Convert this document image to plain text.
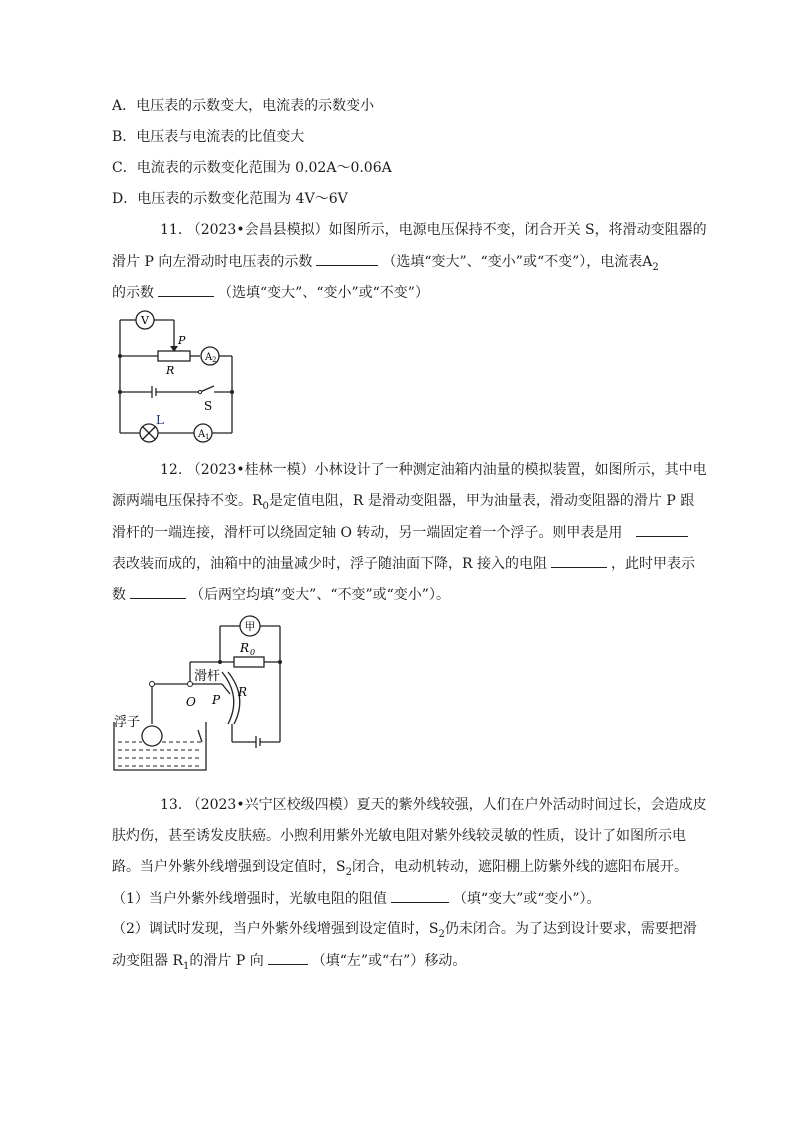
A．电压表的示数变大，电流表的示数变小
B．电压表与电流表的比值变大
C．电流表的示数变化范围为 0.02A～0.06A
D．电压表的示数变化范围为 4V～6V
11. （2023•会昌县模拟）如图所示，电源电压保持不变，闭合开关 S，将滑动变阻器的
滑片 P 向左滑动时电压表的示数	（选填“变大”、“变小”或“不变”），电流表$A_2$
的示数	（选填“变大”、“变小”或“不变”）
V
P
R
A 2
S
L
A 1
12. （2023•桂林一模）小林设计了一种测定油箱内油量的模拟装置，如图所示，其中电
源两端电压保持不变。$R_0$是定值电阻，R 是滑动变阻器，甲为油量表，滑动变阻器的滑片 P 跟
滑杆的一端连接，滑杆可以绕固定轴 O 转动，另一端固定着一个浮子。则甲表是用
表改装而成的，油箱中的油量减少时，浮子随油面下降，R 接入的电阻	，此时甲表示
数	（后两空均填”变大”、“不变”或“变小”）。
甲
R 0
滑杆
P
R
O
浮子
13. （2023•兴宁区校级四模）夏天的紫外线较强，人们在户外活动时间过长，会造成皮
肤灼伤，甚至诱发皮肤癌。小煦利用紫外光敏电阻对紫外线较灵敏的性质，设计了如图所示电
路。当户外紫外线增强到设定值时，$S_2$闭合，电动机转动，遮阳棚上防紫外线的遮阳布展开。
（1）当户外紫外线增强时，光敏电阻的阻值	（填“变大”或“变小”）。
（2）调试时发现，当户外紫外线增强到设定值时，$S_2$仍未闭合。为了达到设计要求，需要把滑
动变阻器 $R_1$的滑片 P 向	（填“左”或“右”）移动。
